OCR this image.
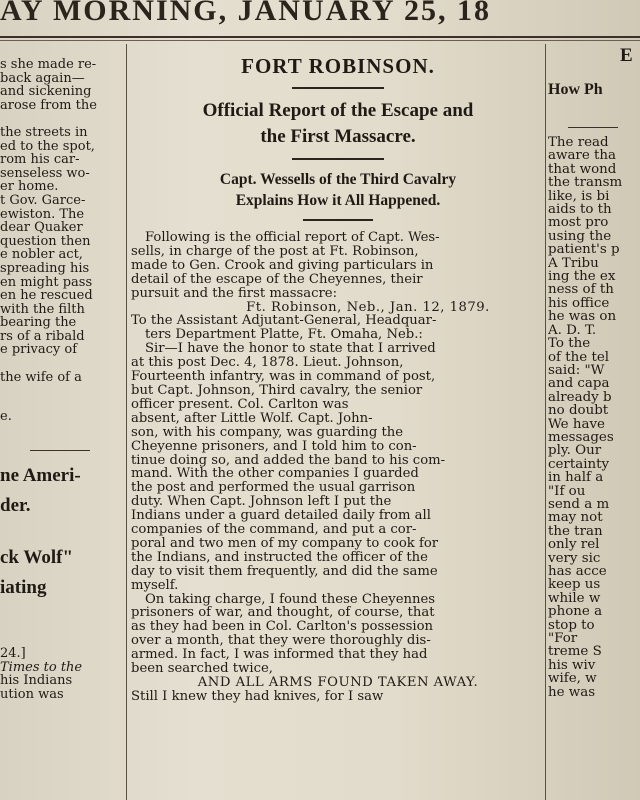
AY MORNING, JANUARY 25, 18
s she made re-
back again—
and sickening
arose from the

the streets in
ed to the spot,
rom his car-
senseless wo-
er home.
t Gov. Garce-
ewiston. The
dear Quaker
question then
e nobler act,
spreading his
en might pass
en he rescued
with the filth
bearing the
rs of a ribald
e privacy of

the wife of a
e.
ne Ameri-
der.
ck Wolf"
iating
24.]
Times to the
his Indians
ution was
FORT ROBINSON.
Official Report of the Escape and
the First Massacre.
Capt. Wessells of the Third Cavalry
Explains How it All Happened.
Following is the official report of Capt. Wes-
sells, in charge of the post at Ft. Robinson,
made to Gen. Crook and giving particulars in
detail of the escape of the Cheyennes, their
pursuit and the first massacre:
Ft. Robinson, Neb., Jan. 12, 1879.
To the Assistant Adjutant-General, Headquar-
ters Department Platte, Ft. Omaha, Neb.:
Sir—I have the honor to state that I arrived
at this post Dec. 4, 1878. Lieut. Johnson,
Fourteenth infantry, was in command of post,
but Capt. Johnson, Third cavalry, the senior
officer present. Col. Carlton was
absent, after Little Wolf. Capt. John-
son, with his company, was guarding the
Cheyenne prisoners, and I told him to con-
tinue doing so, and added the band to his com-
mand. With the other companies I guarded
the post and performed the usual garrison
duty. When Capt. Johnson left I put the
Indians under a guard detailed daily from all
companies of the command, and put a cor-
poral and two men of my company to cook for
the Indians, and instructed the officer of the
day to visit them frequently, and did the same
myself.
On taking charge, I found these Cheyennes
prisoners of war, and thought, of course, that
as they had been in Col. Carlton's possession
over a month, that they were thoroughly dis-
armed. In fact, I was informed that they had
been searched twice,
AND ALL ARMS FOUND TAKEN AWAY.
Still I knew they had knives, for I saw
E
How Ph
The read
aware tha
that wond
the transm
like, is bi
aids to th
most pro
using the
patient's p
A Tribu
ing the ex
ness of th
his office
he was on
A. D. T.
To the
of the tel
said: "W
and capa
already b
no doubt
We have
messages
ply. Our
certainty
in half a
"If ou
send a m
may not
the tran
only rel
very sic
has acce
keep us
while w
phone a
stop to
"For
treme S
his wiv
wife, w
he was
